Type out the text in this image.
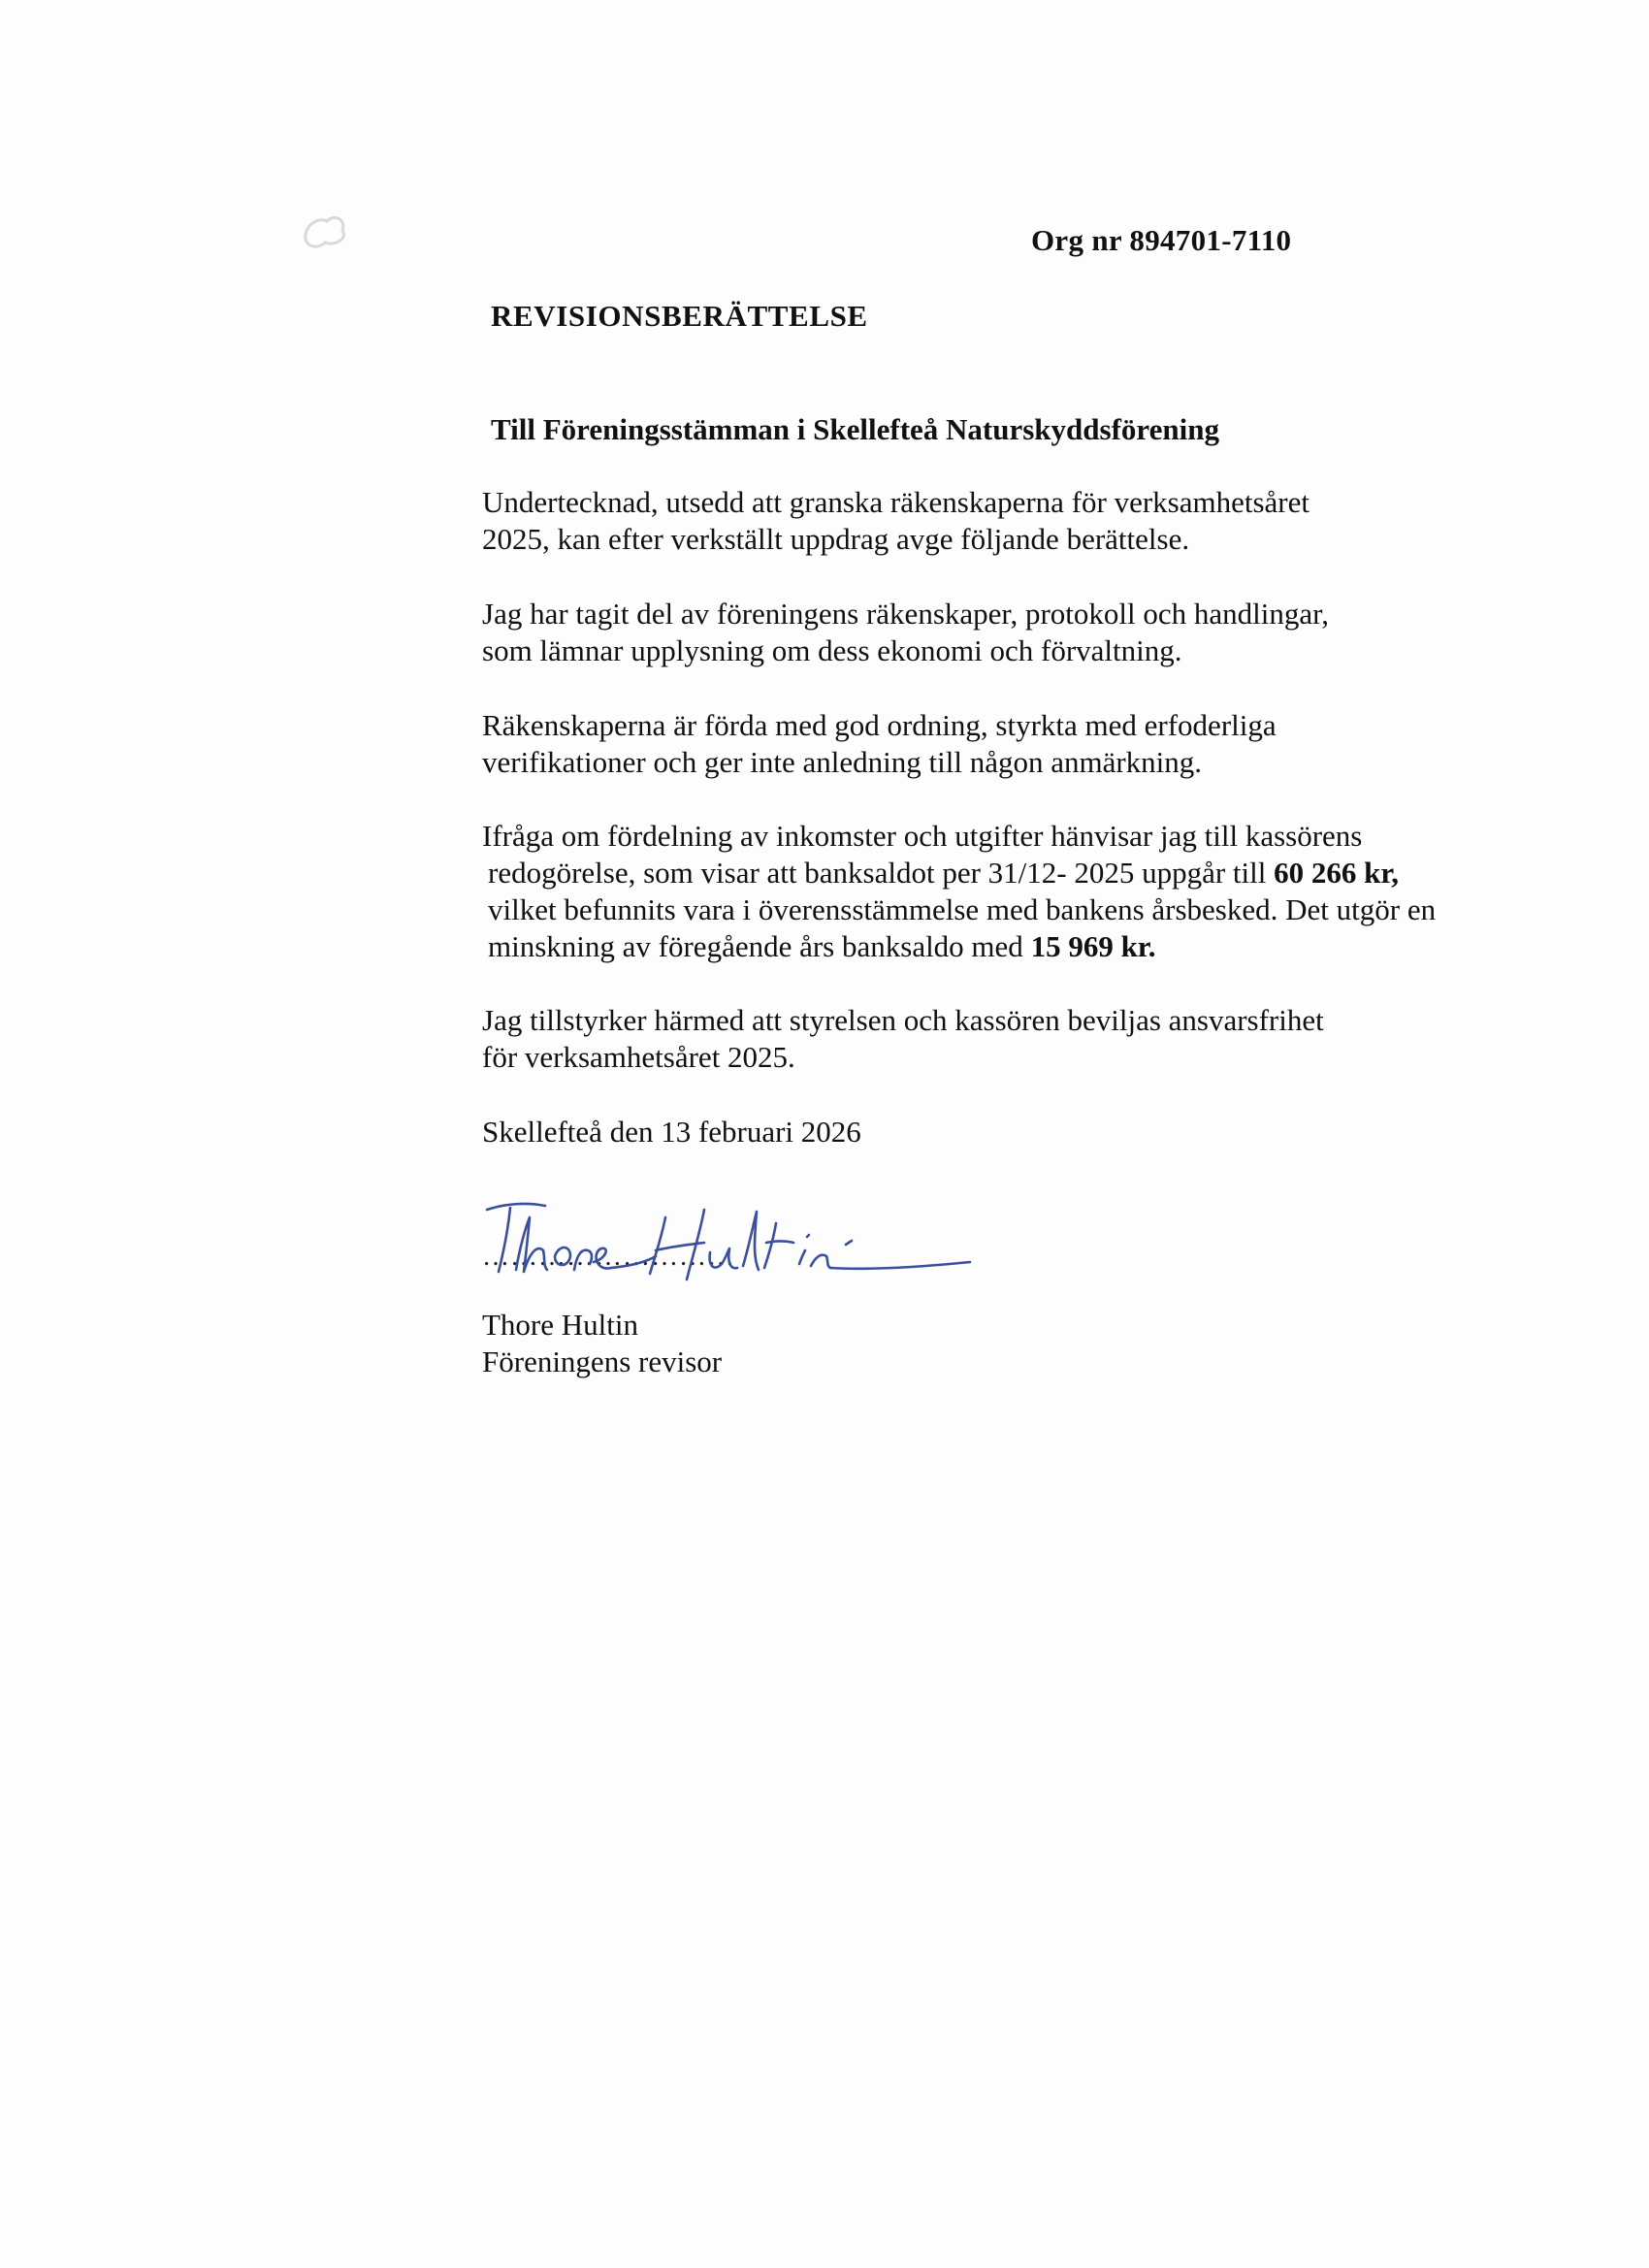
Org nr 894701-7110
REVISIONSBERÄTTELSE
Till Föreningsstämman i Skellefteå Naturskyddsförening
Undertecknad, utsedd att granska räkenskaperna för verksamhetsåret
2025, kan efter verkställt uppdrag avge följande berättelse.
Jag har tagit del av föreningens räkenskaper, protokoll och handlingar,
som lämnar upplysning om dess ekonomi och förvaltning.
Räkenskaperna är förda med god ordning, styrkta med erfoderliga
verifikationer och ger inte anledning till någon anmärkning.
Ifråga om fördelning av inkomster och utgifter hänvisar jag till kassörens
redogörelse, som visar att banksaldot per 31/12- 2025 uppgår till 60 266 kr,
vilket befunnits vara i överensstämmelse med bankens årsbesked. Det utgör en
minskning av föregående års banksaldo med 15 969 kr.
Jag tillstyrker härmed att styrelsen och kassören beviljas ansvarsfrihet
för verksamhetsåret 2025.
Skellefteå den 13 februari 2026
………………………
Thore Hultin
Föreningens revisor
